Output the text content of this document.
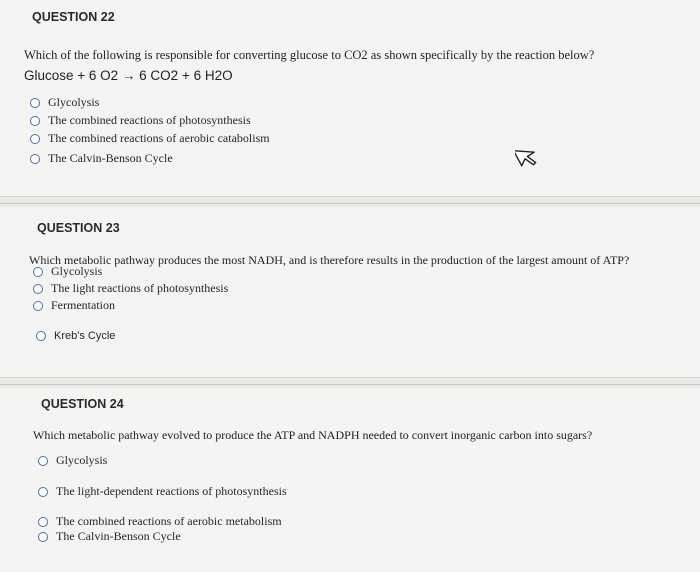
QUESTION 22
Which of the following is responsible for converting glucose to CO2 as shown specifically by the reaction below?
Glucose + 6 O2 → 6 CO2 + 6 H2O
Glycolysis
The combined reactions of photosynthesis
The combined reactions of aerobic catabolism
The Calvin-Benson Cycle
QUESTION 23
Which metabolic pathway produces the most NADH, and is therefore results in the production of the largest amount of ATP?
Glycolysis
The light reactions of photosynthesis
Fermentation
Kreb's Cycle
QUESTION 24
Which metabolic pathway evolved to produce the ATP and NADPH needed to convert inorganic carbon into sugars?
Glycolysis
The light-dependent reactions of photosynthesis
The combined reactions of aerobic metabolism
The Calvin-Benson Cycle
